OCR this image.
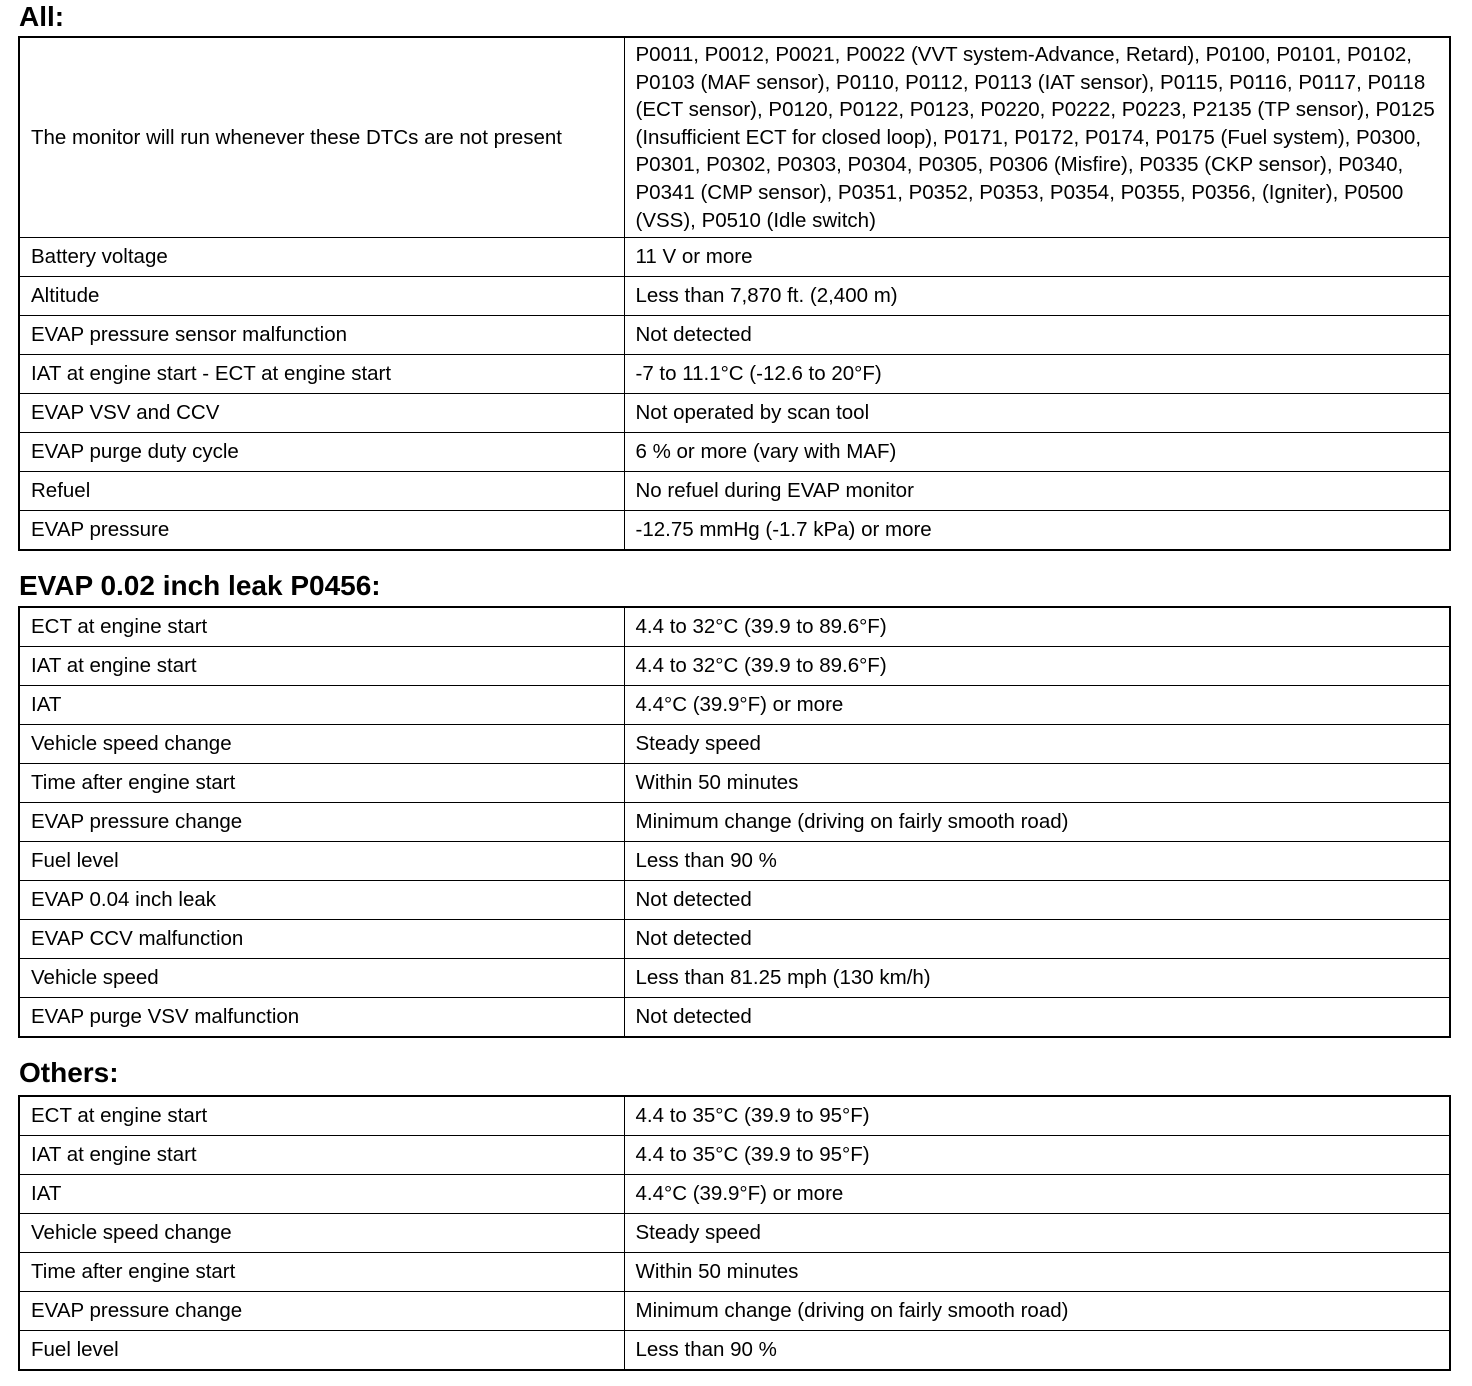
All:
The monitor will run whenever these DTCs are not present	P0011, P0012, P0021, P0022 (VVT system-Advance, Retard), P0100, P0101, P0102, P0103 (MAF sensor), P0110, P0112, P0113 (IAT sensor), P0115, P0116, P0117, P0118 (ECT sensor), P0120, P0122, P0123, P0220, P0222, P0223, P2135 (TP sensor), P0125 (Insufficient ECT for closed loop), P0171, P0172, P0174, P0175 (Fuel system), P0300, P0301, P0302, P0303, P0304, P0305, P0306 (Misfire), P0335 (CKP sensor), P0340, P0341 (CMP sensor), P0351, P0352, P0353, P0354, P0355, P0356, (Igniter), P0500 (VSS), P0510 (Idle switch)
Battery voltage	11 V or more
Altitude	Less than 7,870 ft. (2,400 m)
EVAP pressure sensor malfunction	Not detected
IAT at engine start - ECT at engine start	-7 to 11.1°C (-12.6 to 20°F)
EVAP VSV and CCV	Not operated by scan tool
EVAP purge duty cycle	6 % or more (vary with MAF)
Refuel	No refuel during EVAP monitor
EVAP pressure	-12.75 mmHg (-1.7 kPa) or more
EVAP 0.02 inch leak P0456:
ECT at engine start	4.4 to 32°C (39.9 to 89.6°F)
IAT at engine start	4.4 to 32°C (39.9 to 89.6°F)
IAT	4.4°C (39.9°F) or more
Vehicle speed change	Steady speed
Time after engine start	Within 50 minutes
EVAP pressure change	Minimum change (driving on fairly smooth road)
Fuel level	Less than 90 %
EVAP 0.04 inch leak	Not detected
EVAP CCV malfunction	Not detected
Vehicle speed	Less than 81.25 mph (130 km/h)
EVAP purge VSV malfunction	Not detected
Others:
ECT at engine start	4.4 to 35°C (39.9 to 95°F)
IAT at engine start	4.4 to 35°C (39.9 to 95°F)
IAT	4.4°C (39.9°F) or more
Vehicle speed change	Steady speed
Time after engine start	Within 50 minutes
EVAP pressure change	Minimum change (driving on fairly smooth road)
Fuel level	Less than 90 %
